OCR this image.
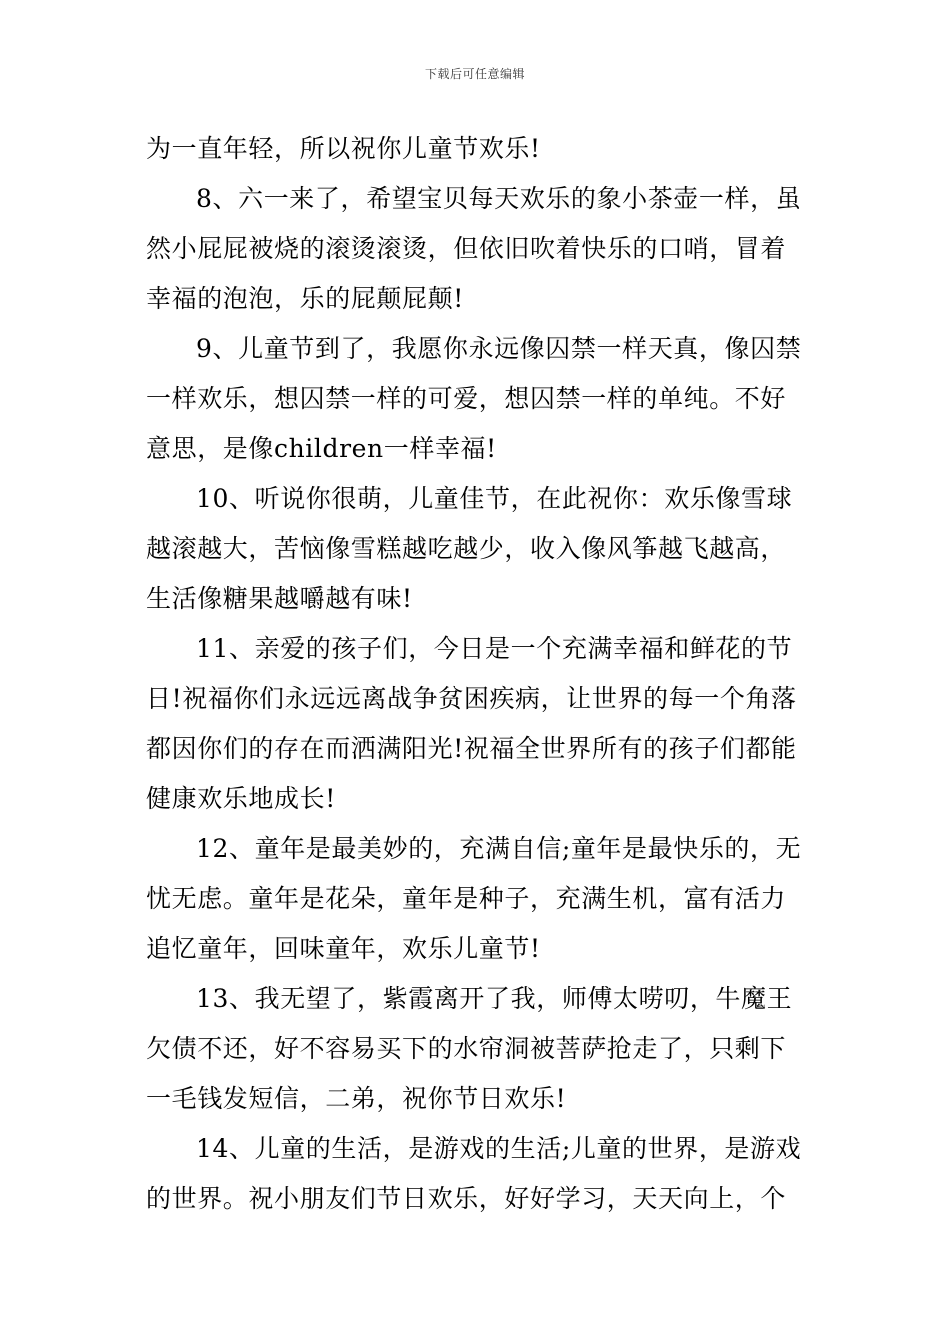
下载后可任意编辑
为一直年轻，所以祝你儿童节欢乐!
8、六一来了，希望宝贝每天欢乐的象小茶壶一样，虽
然小屁屁被烧的滚烫滚烫，但依旧吹着快乐的口哨，冒着
幸福的泡泡，乐的屁颠屁颠!
9、儿童节到了，我愿你永远像囚禁一样天真，像囚禁
一样欢乐，想囚禁一样的可爱，想囚禁一样的单纯。不好
意思，是像children一样幸福!
10、听说你很萌，儿童佳节，在此祝你：欢乐像雪球
越滚越大，苦恼像雪糕越吃越少，收入像风筝越飞越高，
生活像糖果越嚼越有味!
11、亲爱的孩子们，今日是一个充满幸福和鲜花的节
日!祝福你们永远远离战争贫困疾病，让世界的每一个角落
都因你们的存在而洒满阳光!祝福全世界所有的孩子们都能
健康欢乐地成长!
12、童年是最美妙的，充满自信;童年是最快乐的，无
忧无虑。童年是花朵，童年是种子，充满生机，富有活力
追忆童年，回味童年，欢乐儿童节!
13、我无望了，紫霞离开了我，师傅太唠叨，牛魔王
欠债不还，好不容易买下的水帘洞被菩萨抢走了，只剩下
一毛钱发短信，二弟，祝你节日欢乐!
14、儿童的生活，是游戏的生活;儿童的世界，是游戏
的世界。祝小朋友们节日欢乐，好好学习，天天向上，个
